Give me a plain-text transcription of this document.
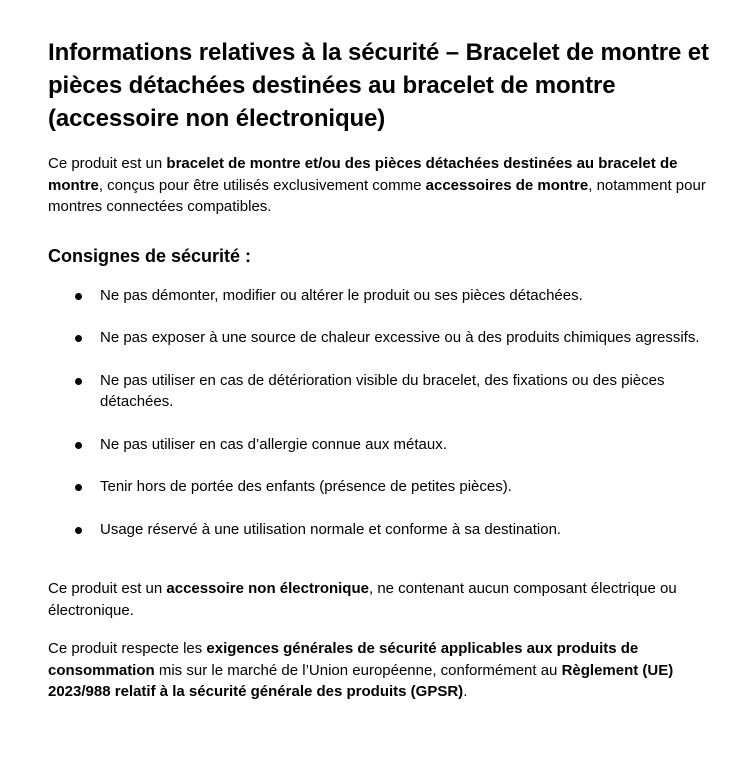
Informations relatives à la sécurité – Bracelet de montre et pièces détachées destinées au bracelet de montre (accessoire non électronique)

Ce produit est un bracelet de montre et/ou des pièces détachées destinées au bracelet de montre, conçus pour être utilisés exclusivement comme accessoires de montre, notamment pour montres connectées compatibles.

Consignes de sécurité :
Ne pas démonter, modifier ou altérer le produit ou ses pièces détachées.
Ne pas exposer à une source de chaleur excessive ou à des produits chimiques agressifs.
Ne pas utiliser en cas de détérioration visible du bracelet, des fixations ou des pièces détachées.
Ne pas utiliser en cas d’allergie connue aux métaux.
Tenir hors de portée des enfants (présence de petites pièces).
Usage réservé à une utilisation normale et conforme à sa destination.

Ce produit est un accessoire non électronique, ne contenant aucun composant électrique ou électronique.

Ce produit respecte les exigences générales de sécurité applicables aux produits de consommation mis sur le marché de l’Union européenne, conformément au Règlement (UE) 2023/988 relatif à la sécurité générale des produits (GPSR).
